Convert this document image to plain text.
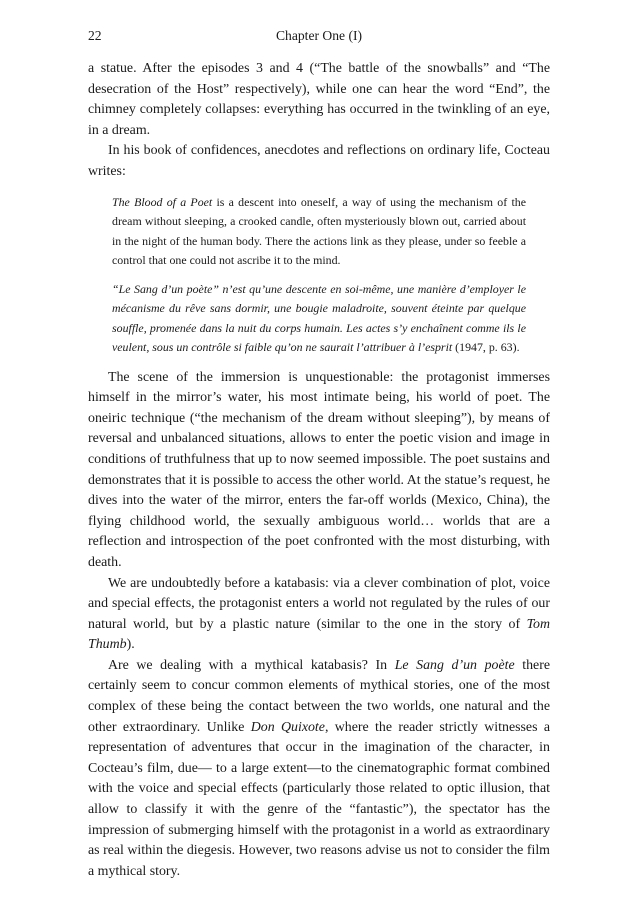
22	Chapter One (I)

a statue. After the episodes 3 and 4 (“The battle of the snowballs” and “The desecration of the Host” respectively), while one can hear the word “End”, the chimney completely collapses: everything has occurred in the twinkling of an eye, in a dream.

In his book of confidences, anecdotes and reflections on ordinary life, Cocteau writes:

The Blood of a Poet is a descent into oneself, a way of using the mechanism of the dream without sleeping, a crooked candle, often mysteriously blown out, carried about in the night of the human body. There the actions link as they please, under so feeble a control that one could not ascribe it to the mind.

“Le Sang d’un poète” n’est qu’une descente en soi-même, une manière d’employer le mécanisme du rêve sans dormir, une bougie maladroite, souvent éteinte par quelque souffle, promenée dans la nuit du corps humain. Les actes s’y enchaînent comme ils le veulent, sous un contrôle si faible qu’on ne saurait l’attribuer à l’esprit (1947, p. 63).

The scene of the immersion is unquestionable: the protagonist immerses himself in the mirror’s water, his most intimate being, his world of poet. The oneiric technique (“the mechanism of the dream without sleeping”), by means of reversal and unbalanced situations, allows to enter the poetic vision and image in conditions of truthfulness that up to now seemed impossible. The poet sustains and demonstrates that it is possible to access the other world. At the statue’s request, he dives into the water of the mirror, enters the far-off worlds (Mexico, China), the flying childhood world, the sexually ambiguous world… worlds that are a reflection and introspection of the poet confronted with the most disturbing, with death.

We are undoubtedly before a katabasis: via a clever combination of plot, voice and special effects, the protagonist enters a world not regulated by the rules of our natural world, but by a plastic nature (similar to the one in the story of Tom Thumb).

Are we dealing with a mythical katabasis? In Le Sang d’un poète there certainly seem to concur common elements of mythical stories, one of the most complex of these being the contact between the two worlds, one natural and the other extraordinary. Unlike Don Quixote, where the reader strictly witnesses a representation of adventures that occur in the imagination of the character, in Cocteau’s film, due— to a large extent—to the cinematographic format combined with the voice and special effects (particularly those related to optic illusion, that allow to classify it with the genre of the “fantastic”), the spectator has the impression of submerging himself with the protagonist in a world as extraordinary as real within the diegesis. However, two reasons advise us not to consider the film a mythical story.
